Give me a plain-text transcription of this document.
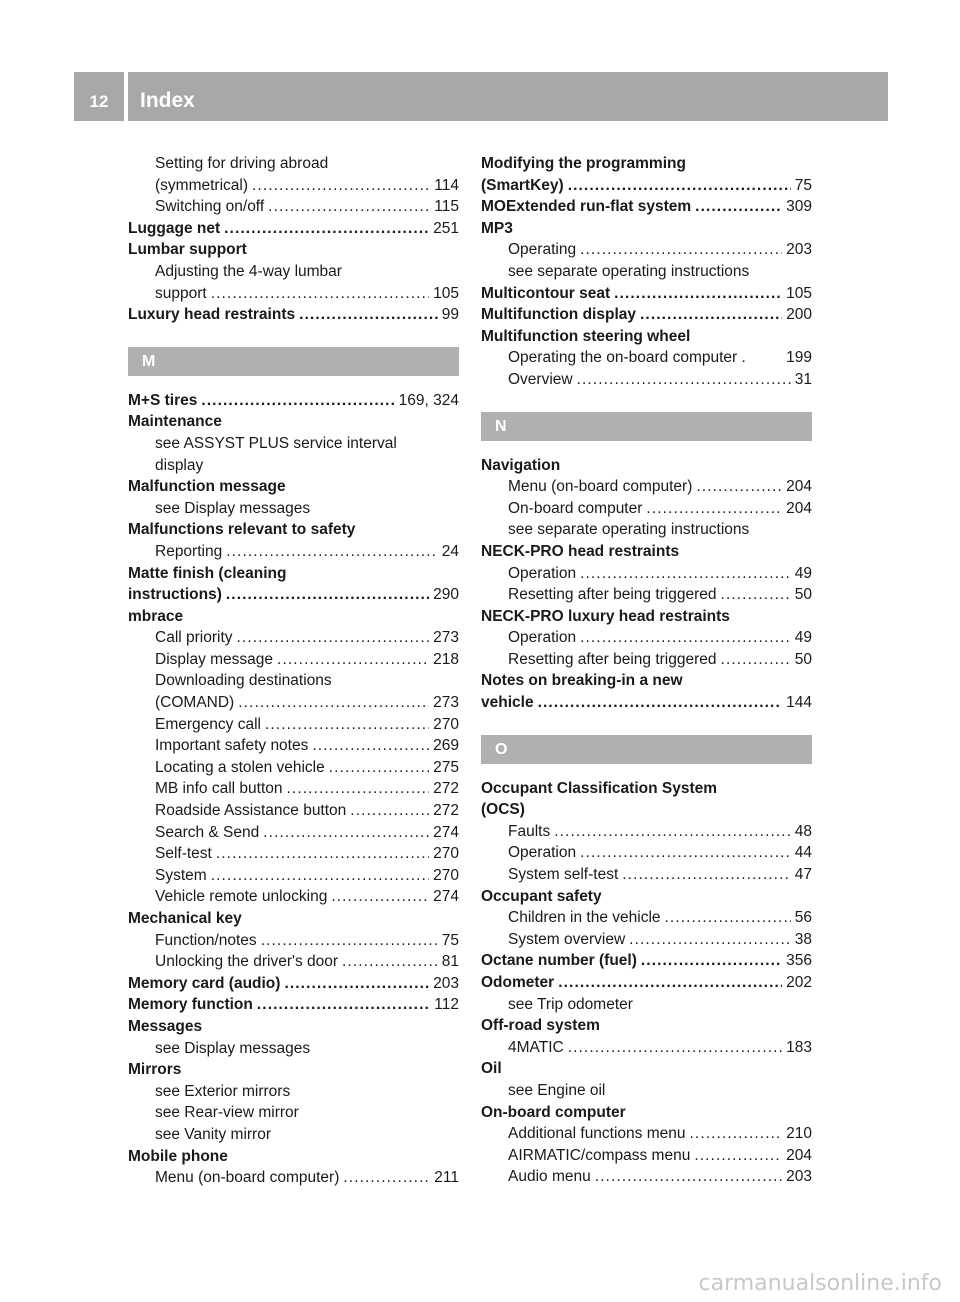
12	Index
Setting for driving abroad
(symmetrical) .....	114
Switching on/off .....	115
Luggage net .....	251
Lumbar support
Adjusting the 4-way lumbar
support .....	105
Luxury head restraints .....	99
M
M+S tires .....	169, 324
Maintenance
see ASSYST PLUS service interval
display
Malfunction message
see Display messages
Malfunctions relevant to safety
Reporting .....	24
Matte finish (cleaning
instructions) .....	290
mbrace
Call priority .....	273
Display message .....	218
Downloading destinations
(COMAND) .....	273
Emergency call .....	270
Important safety notes .....	269
Locating a stolen vehicle .....	275
MB info call button .....	272
Roadside Assistance button .....	272
Search & Send .....	274
Self-test .....	270
System .....	270
Vehicle remote unlocking .....	274
Mechanical key
Function/notes .....	75
Unlocking the driver's door .....	81
Memory card (audio) .....	203
Memory function .....	112
Messages
see Display messages
Mirrors
see Exterior mirrors
see Rear-view mirror
see Vanity mirror
Mobile phone
Menu (on-board computer) .....	211
Modifying the programming
(SmartKey) .....	75
MOExtended run-flat system .....	309
MP3
Operating .....	203
see separate operating instructions
Multicontour seat .....	105
Multifunction display .....	200
Multifunction steering wheel
Operating the on-board computer .	199
Overview .....	31
N
Navigation
Menu (on-board computer) .....	204
On-board computer .....	204
see separate operating instructions
NECK-PRO head restraints
Operation .....	49
Resetting after being triggered .....	50
NECK-PRO luxury head restraints
Operation .....	49
Resetting after being triggered .....	50
Notes on breaking-in a new
vehicle .....	144
O
Occupant Classification System
(OCS)
Faults .....	48
Operation .....	44
System self-test .....	47
Occupant safety
Children in the vehicle .....	56
System overview .....	38
Octane number (fuel) .....	356
Odometer .....	202
see Trip odometer
Off-road system
4MATIC .....	183
Oil
see Engine oil
On-board computer
Additional functions menu .....	210
AIRMATIC/compass menu .....	204
Audio menu .....	203
carmanualsonline.info
